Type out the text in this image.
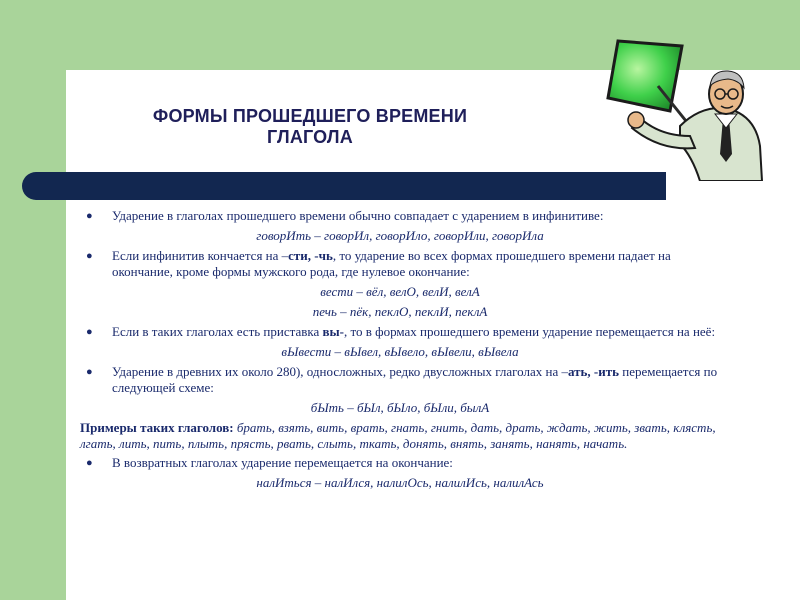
ФОРМЫ ПРОШЕДШЕГО ВРЕМЕНИ
ГЛАГОЛА
● Ударение в глаголах прошедшего времени обычно совпадает с ударением в инфинитиве:
говорИть – говорИл, говорИло, говорИли, говорИла
● Если инфинитив кончается на –сти, -чь, то ударение во всех формах прошедшего времени падает на окончание, кроме формы мужского рода, где нулевое окончание:
вести – вёл, велО, велИ, велА
печь – пёк, пеклО, пеклИ, пеклА
● Если в таких глаголах есть приставка вы-, то в формах прошедшего времени ударение перемещается на неё:
вЫвести – вЫвел, вЫвело, вЫвели, вЫвела
● Ударение в древних их около 280), односложных, редко двусложных глаголах на –ать, -ить перемещается по следующей схеме:
бЫть – бЫл, бЫло, бЫли, былА
Примеры таких глаголов: брать, взять, вить, врать, гнать, гнить, дать, драть, ждать, жить, звать, клясть, лгать, лить, пить, плыть, прясть, рвать, слыть, ткать, донять, внять, занять, нанять, начать.
● В возвратных глаголах ударение перемещается на окончание:
налИться – налИлся, налилОсь, налилИсь, налилАсь
